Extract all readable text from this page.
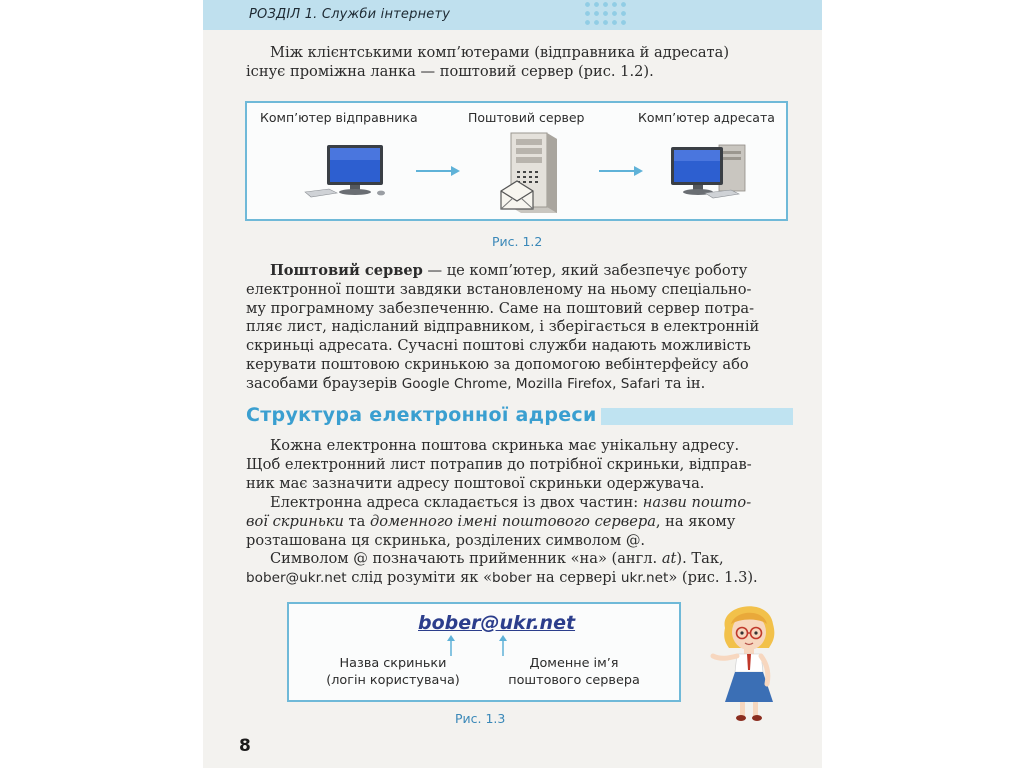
РОЗДІЛ 1. Служби інтернету

Між клієнтськими комп’ютерами (відправника й адресата)
існує проміжна ланка — поштовий сервер (рис. 1.2).

Комп’ютер відправника	Поштовий сервер	Комп’ютер адресата
Рис. 1.2

Поштовий сервер — це комп’ютер, який забезпечує роботу
електронної пошти завдяки встановленому на ньому спеціально-
му програмному забезпеченню. Саме на поштовий сервер потра-
пляє лист, надісланий відправником, і зберігається в електронній
скриньці адресата. Сучасні поштові служби надають можливість
керувати поштовою скринькою за допомогою вебінтерфейсу або
засобами браузерів Google Chrome, Mozilla Firefox, Safari та ін.

Структура електронної адреси

Кожна електронна поштова скринька має унікальну адресу.
Щоб електронний лист потрапив до потрібної скриньки, відправ-
ник має зазначити адресу поштової скриньки одержувача.

Електронна адреса складається із двох частин: назви пошто-
вої скриньки та доменного імені поштового сервера, на якому
розташована ця скринька, розділених символом @.

Символом @ позначають прийменник «на» (англ. at). Так,
bober@ukr.net слід розуміти як «bober на сервері ukr.net» (рис. 1.3).

bober@ukr.net
Назва скриньки
(логін користувача)
Доменне ім’я
поштового сервера
Рис. 1.3
8
